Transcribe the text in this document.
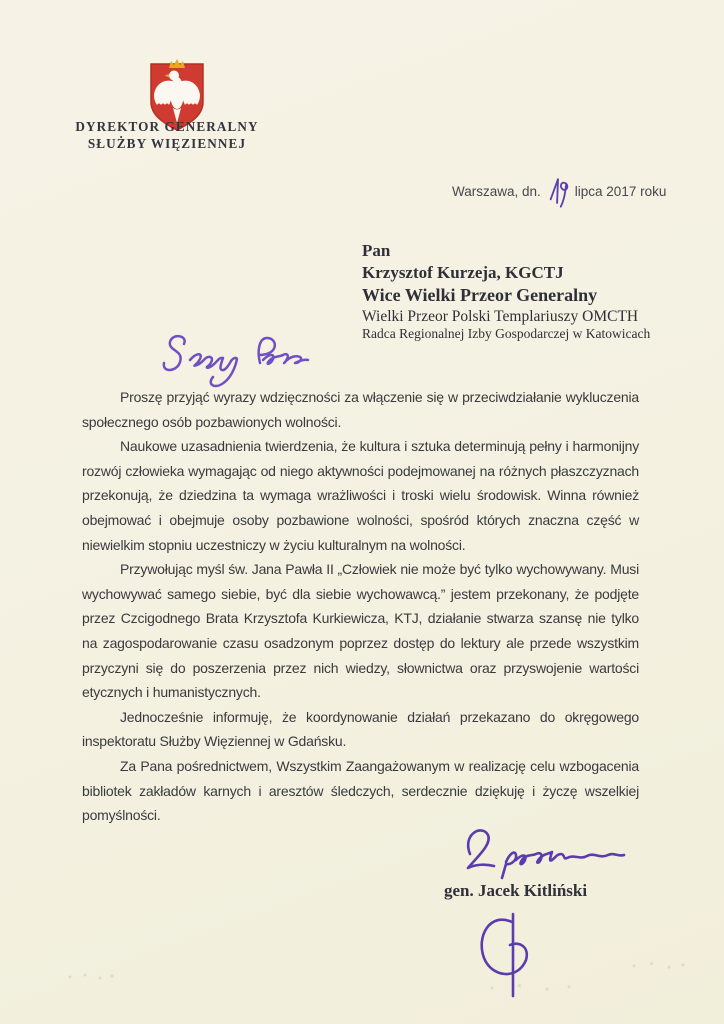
DYREKTOR GENERALNY
SŁUŻBY WIĘZIENNEJ
Warszawa, dn.	lipca 2017 roku
Pan
Krzysztof Kurzeja, KGCTJ
Wice Wielki Przeor Generalny
Wielki Przeor Polski Templariuszy OMCTH
Radca Regionalnej Izby Gospodarczej w Katowicach

Proszę przyjąć wyrazy wdzięczności za włączenie się w przeciwdziałanie wykluczenia społecznego osób pozbawionych wolności.

Naukowe uzasadnienia twierdzenia, że kultura i sztuka determinują pełny i harmonijny rozwój człowieka wymagając od niego aktywności podejmowanej na różnych płaszczyznach przekonują, że dziedzina ta wymaga wrażliwości i troski wielu środowisk. Winna również obejmować i obejmuje osoby pozbawione wolności, spośród których znaczna część w niewielkim stopniu uczestniczy w życiu kulturalnym na wolności.

Przywołując myśl św. Jana Pawła II „Człowiek nie może być tylko wychowywany. Musi wychowywać samego siebie, być dla siebie wychowawcą.” jestem przekonany, że podjęte przez Czcigodnego Brata Krzysztofa Kurkiewicza, KTJ, działanie stwarza szansę nie tylko na zagospodarowanie czasu osadzonym poprzez dostęp do lektury ale przede wszystkim przyczyni się do poszerzenia przez nich wiedzy, słownictwa oraz przyswojenie wartości etycznych i humanistycznych.

Jednocześnie informuję, że koordynowanie działań przekazano do okręgowego inspektoratu Służby Więziennej w Gdańsku.

Za Pana pośrednictwem, Wszystkim Zaangażowanym w realizację celu wzbogacenia bibliotek zakładów karnych i aresztów śledczych, serdecznie dziękuję i życzę wszelkiej pomyślności.

gen. Jacek Kitliński
